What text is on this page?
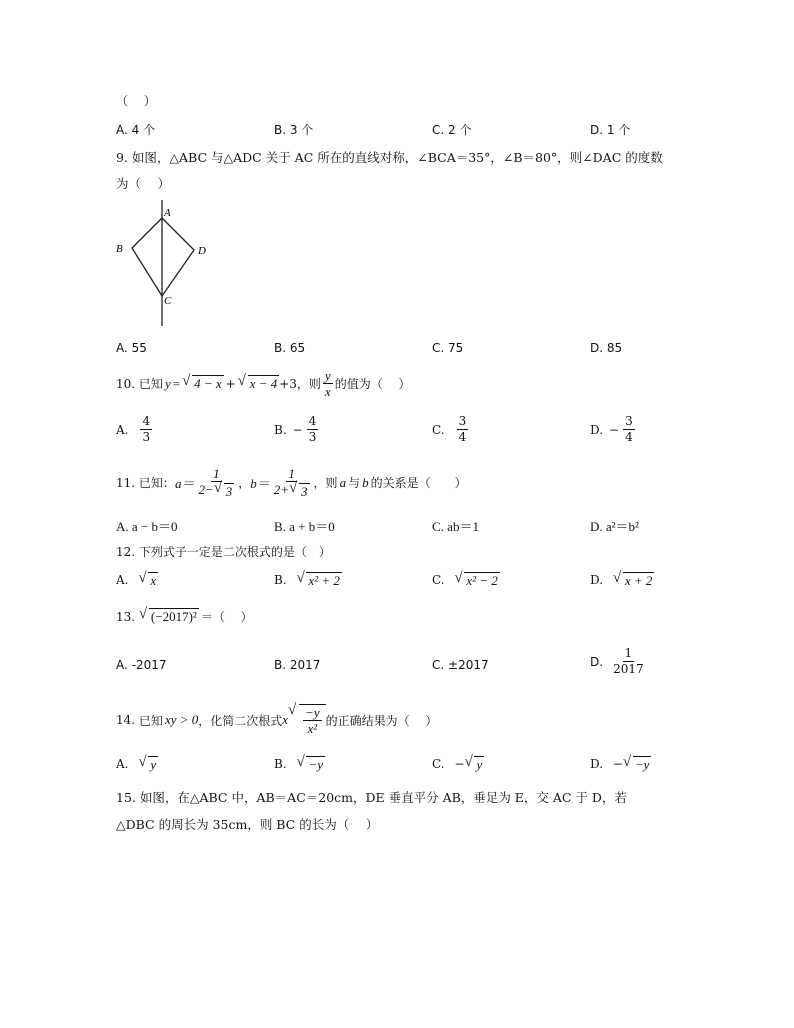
（　 ）
A. 4 个	B. 3 个	C. 2 个	D. 1 个
9. 如图，△ABC 与△ADC 关于 AC 所在的直线对称，∠BCA＝35°，∠B＝80°，则∠DAC 的度数
为（　 ）
A
B	D
C
A. 55	B. 65	C. 75	D. 85
10.
已知 y =	√ 4 − x +	√ x − 4 +3，则 $\frac{y}{x}$ 的值为（　 ）
A. $\frac{4}{3}$	B. − $\frac{4}{3}$	C. $\frac{3}{4}$	D. − $\frac{3}{4}$
11.
已知： $a= \frac{1}{2- √ 3}$ ， $b= \frac{1}{2+ √ 3}$ ，则 a 与 b 的关系是（　　）
A. a − b＝0	B. a + b＝0	C. ab＝1	D. a²＝b²
12. 下列式子一定是二次根式的是（　）
A. √ x	B. √ x² + 2	C. √ x² − 2	D. √ x + 2
13.
	√ (−2017)² ＝（　 ）
A. -2017	B. 2017	C. ±2017	D. $\frac{1}{2017}$
14.
已知 xy > 0 ，化简二次根式 x √ $\frac{-y}{\text{x²}}$ 的正确结果为（　 ）
A. √ y	B. √ −y	C. − √ y	D. − √ −y
15. 如图，在△ABC 中，AB＝AC＝20cm，DE 垂直平分 AB，垂足为 E，交 AC 于 D，若
△DBC 的周长为 35cm，则 BC 的长为（　 ）
